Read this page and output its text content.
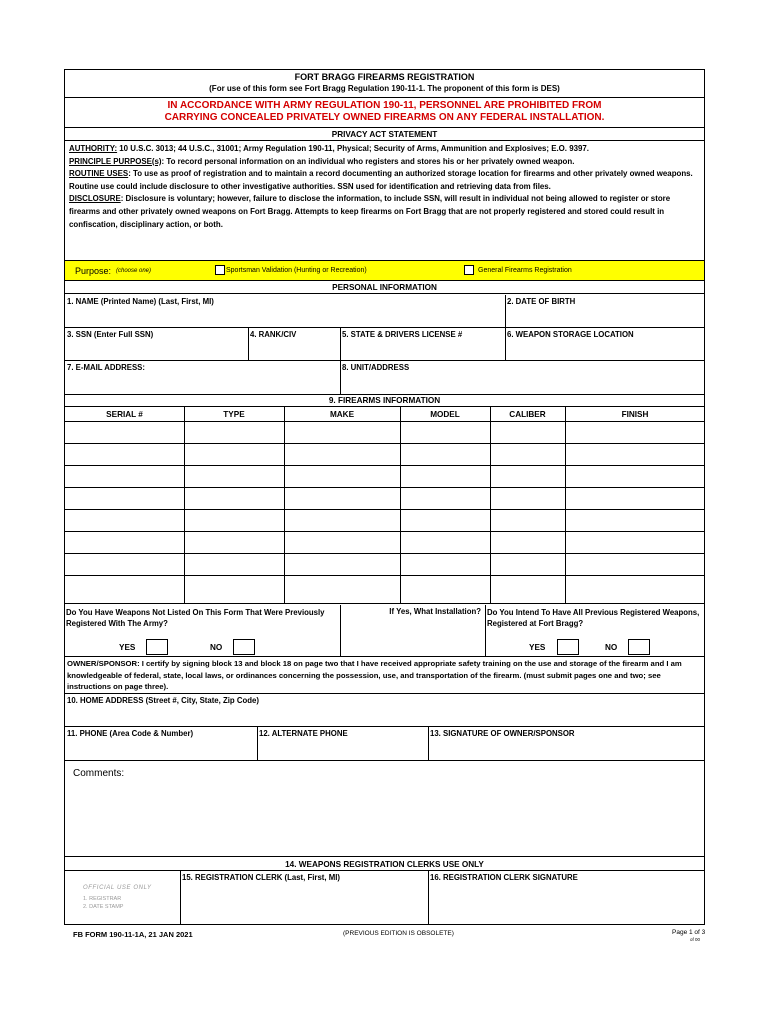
FORT BRAGG FIREARMS REGISTRATION
(For use of this form see Fort Bragg Regulation 190-11-1. The proponent of this form is DES)
IN ACCORDANCE WITH ARMY REGULATION 190-11, PERSONNEL ARE PROHIBITED FROM
CARRYING CONCEALED PRIVATELY OWNED FIREARMS ON ANY FEDERAL INSTALLATION.
PRIVACY ACT STATEMENT

AUTHORITY: 10 U.S.C. 3013; 44 U.S.C., 31001; Army Regulation 190-11, Physical; Security of Arms, Ammunition and Explosives; E.O. 9397.

PRINCIPLE PURPOSE(s): To record personal information on an individual who registers and stores his or her privately owned weapon.

ROUTINE USES: To use as proof of registration and to maintain a record documenting an authorized storage location for firearms and other privately owned weapons. Routine use could include disclosure to other investigative authorities. SSN used for identification and retrieving data from files.

DISCLOSURE: Disclosure is voluntary; however, failure to disclose the information, to include SSN, will result in individual not being allowed to register or store firearms and other privately owned weapons on Fort Bragg. Attempts to keep firearms on Fort Bragg that are not properly registered and stored could result in confiscation, disciplinary action, or both.

Purpose: (choose one)	Sportsman Validation (Hunting or Recreation)	General Firearms Registration
PERSONAL INFORMATION
1. NAME (Printed Name) (Last, First, MI)	2. DATE OF BIRTH
3. SSN (Enter Full SSN)	4. RANK/CIV	5. STATE & DRIVERS LICENSE #	6. WEAPON STORAGE LOCATION
7. E-MAIL ADDRESS:	8. UNIT/ADDRESS
9. FIREARMS INFORMATION
SERIAL #	TYPE	MAKE	MODEL	CALIBER	FINISH
Do You Have Weapons Not Listed On This Form That Were Previously Registered With The Army?
If Yes, What Installation? Do You Intend To Have All Previous Registered Weapons, Registered at Fort Bragg?
YES	NO	YES	NO
OWNER/SPONSOR: I certify by signing block 13 and block 18 on page two that I have received appropriate safety training on the use and storage of the firearm and I am knowledgeable of federal, state, local laws, or ordinances concerning the possession, use, and transportation of the firearm. (must submit pages one and two; see instructions on page three).
10. HOME ADDRESS (Street #, City, State, Zip Code)
11. PHONE (Area Code & Number)	12. ALTERNATE PHONE	13. SIGNATURE OF OWNER/SPONSOR
Comments:
14. WEAPONS REGISTRATION CLERKS USE ONLY
OFFICIAL USE ONLY
1. REGISTRAR
2. DATE STAMP
15. REGISTRATION CLERK (Last, First, MI)	16. REGISTRATION CLERK SIGNATURE
FB FORM 190-11-1A, 21 JAN 2021	(PREVIOUS EDITION IS OBSOLETE)	Page 1 of 3
of 00
